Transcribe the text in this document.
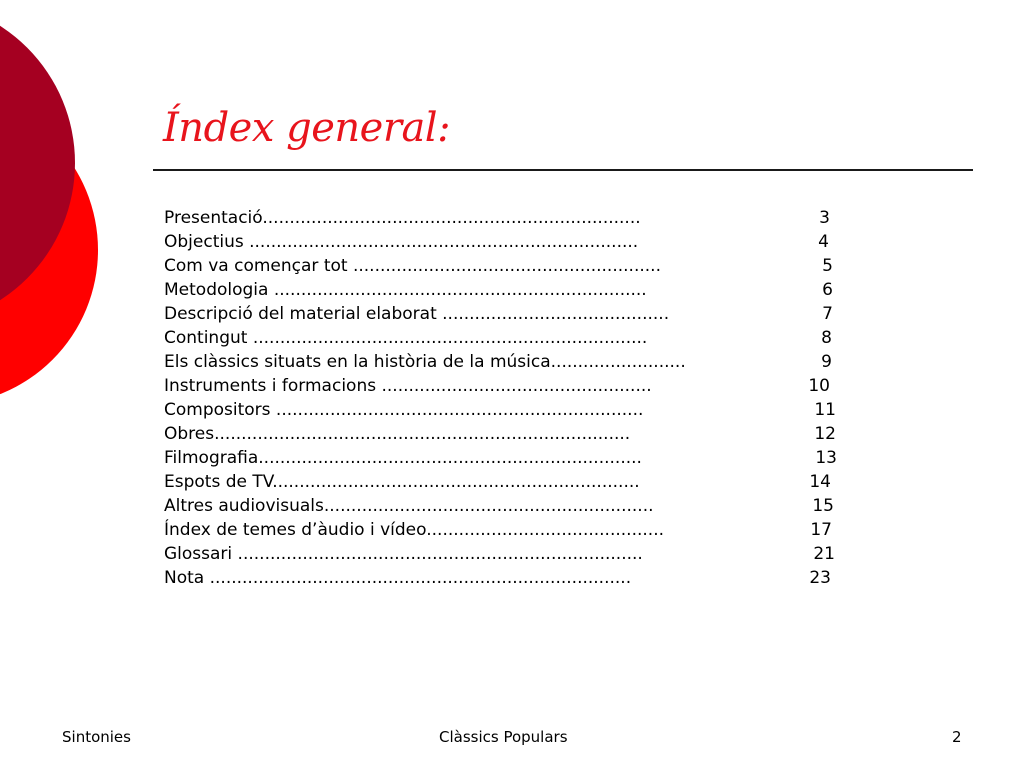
Índex general:
Presentació......................................................................	3
Objectius ........................................................................	4
Com va començar tot .........................................................	5
Metodologia .....................................................................	6
Descripció del material elaborat ..........................................	7
Contingut .........................................................................	8
Els clàssics situats en la història de la música.........................	9
Instruments i formacions ..................................................	10
Compositors ....................................................................	11
Obres.............................................................................	12
Filmografia.......................................................................	13
Espots de TV....................................................................	14
Altres audiovisuals.............................................................	15
Índex de temes d’àudio i vídeo............................................	17
Glossari ...........................................................................	21
Nota ..............................................................................	23
Sintonies	Clàssics Populars	2
